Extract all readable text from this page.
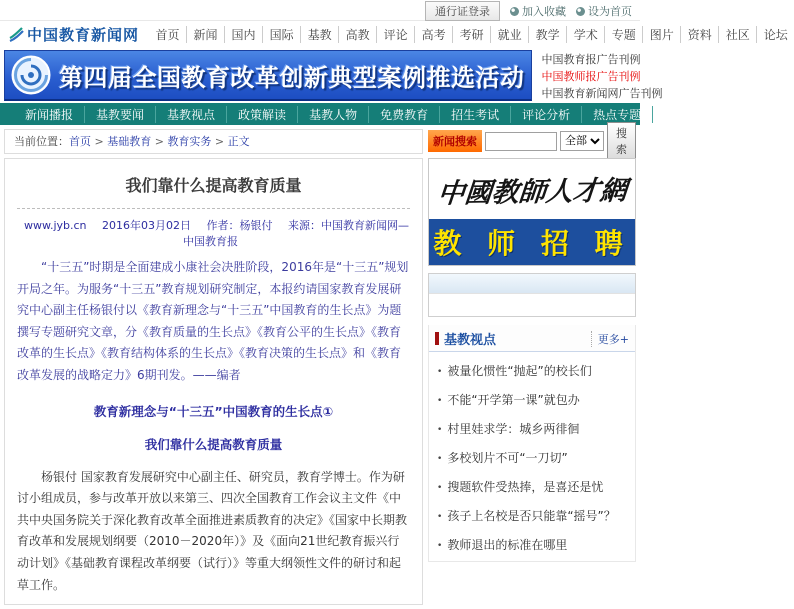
通行证登录	加入收藏 设为首页
中国教育新闻网	首页	新闻	国内	国际	基教	高教	评论	高考	考研	就业	教学	学术	专题	图片	资料	社区	论坛
第四届全国教育改革创新典型案例推选活动
中国教育报广告刊例
中国教师报广告刊例
中国教育新闻网广告刊例
新闻播报	基教要闻	基教视点	政策解读	基教人物	免费教育	招生考试	评论分析	热点专题	特别策划
当前位置：首页 > 基础教育 > 教育实务 > 正文
我们靠什么提高教育质量
www.jyb.cn 2016年03月02日 作者：杨银付 来源：中国教育新闻网—中国教育报

“十三五”时期是全面建成小康社会决胜阶段，2016年是“十三五”规划开局之年。为服务“十三五”教育规划研究制定，本报约请国家教育发展研究中心副主任杨银付以《教育新理念与“十三五”中国教育的生长点》为题撰写专题研究文章，分《教育质量的生长点》《教育公平的生长点》《教育改革的生长点》《教育结构体系的生长点》《教育决策的生长点》和《教育改革发展的战略定力》6期刊发。——编者

教育新理念与“十三五”中国教育的生长点①
我们靠什么提高教育质量

杨银付 国家教育发展研究中心副主任、研究员，教育学博士。作为研讨小组成员，参与改革开放以来第三、四次全国教育工作会议主文件《中共中央国务院关于深化教育改革全面推进素质教育的决定》《国家中长期教育改革和发展规划纲要（2010－2020年）》及《面向21世纪教育振兴行动计划》《基础教育课程改革纲要（试行）》等重大纲领性文件的研讨和起草工作。

新闻搜索
全部
搜索
中國教師人才網
教 师 招 聘
基教视点	更多+
• 被量化惯性“抛起”的校长们
• 不能“开学第一课”就包办
• 村里娃求学：城乡两徘徊
• 多校划片不可“一刀切”
• 搜题软件受热捧，是喜还是忧
• 孩子上名校是否只能靠“摇号”？
• 教师退出的标准在哪里
